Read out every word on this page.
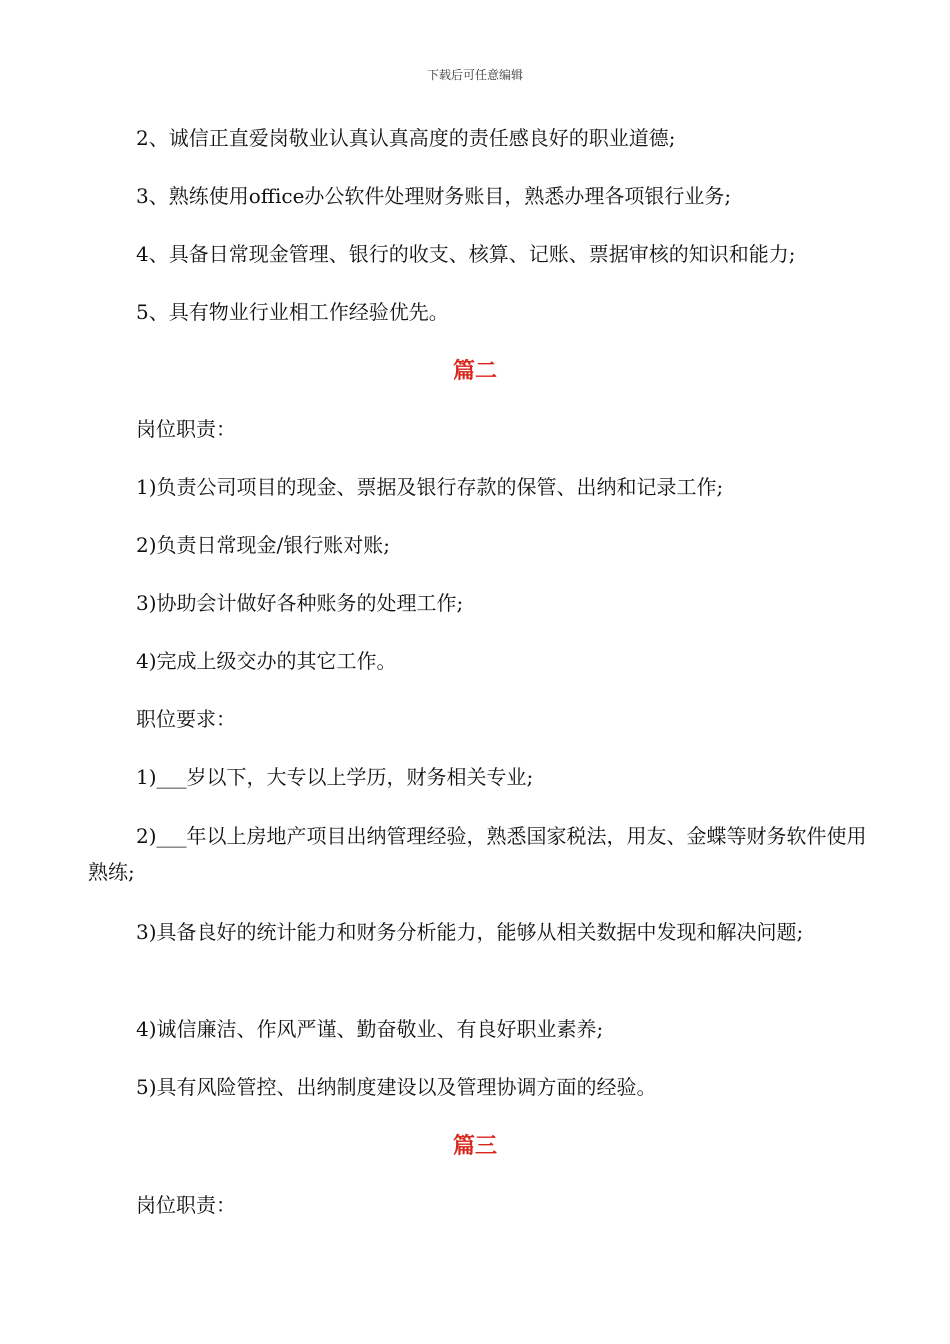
下载后可任意编辑
2、诚信正直爱岗敬业认真认真高度的责任感良好的职业道德;
3、熟练使用office办公软件处理财务账目，熟悉办理各项银行业务;
4、具备日常现金管理、银行的收支、核算、记账、票据审核的知识和能力;
5、具有物业行业相工作经验优先。
篇二
岗位职责：
1)负责公司项目的现金、票据及银行存款的保管、出纳和记录工作;
2)负责日常现金/银行账对账;
3)协助会计做好各种账务的处理工作;
4)完成上级交办的其它工作。
职位要求：
1)___岁以下，大专以上学历，财务相关专业;
2)___年以上房地产项目出纳管理经验，熟悉国家税法，用友、金蝶等财务软件使用熟练;
3)具备良好的统计能力和财务分析能力，能够从相关数据中发现和解决问题;
4)诚信廉洁、作风严谨、勤奋敬业、有良好职业素养;
5)具有风险管控、出纳制度建设以及管理协调方面的经验。
篇三
岗位职责：
